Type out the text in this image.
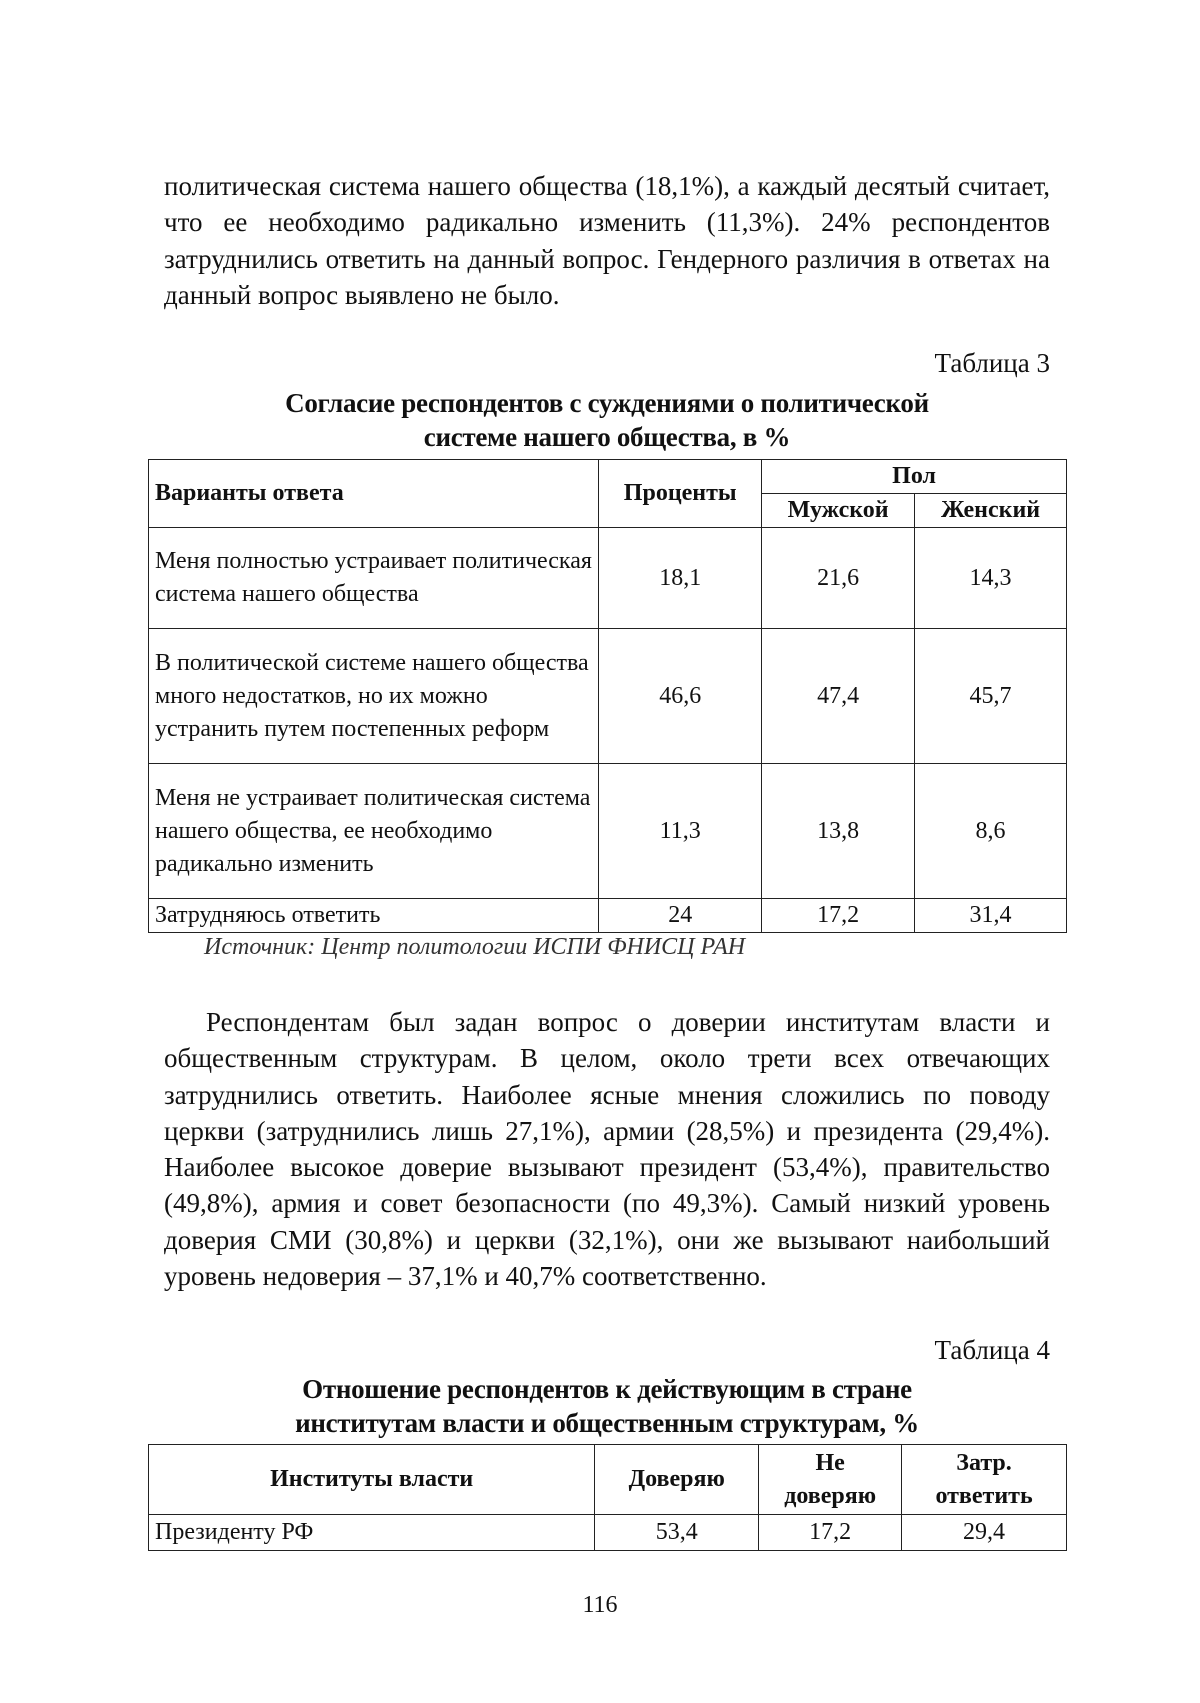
политическая система нашего общества (18,1%), а каждый десятый считает, что ее необходимо радикально изменить (11,3%). 24% респондентов затруднились ответить на данный вопрос. Гендерного различия в ответах на данный вопрос выявлено не было.
Таблица 3
Согласие респондентов с суждениями о политической
системе нашего общества, в %
Варианты ответа	Проценты	Пол
Мужской	Женский
Меня полностью устраивает политическая система нашего общества	18,1	21,6	14,3
В политической системе нашего общества много недостатков, но их можно устранить путем постепенных реформ	46,6	47,4	45,7
Меня не устраивает политическая система нашего общества, ее необходимо радикально изменить	11,3	13,8	8,6
Затрудняюсь ответить	24	17,2	31,4
Источник: Центр политологии ИСПИ ФНИСЦ РАН
Респондентам был задан вопрос о доверии институтам власти и общественным структурам. В целом, около трети всех отвечающих затруднились ответить. Наиболее ясные мнения сложились по поводу церкви (затруднились лишь 27,1%), армии (28,5%) и президента (29,4%). Наиболее высокое доверие вызывают президент (53,4%), правительство (49,8%), армия и совет безопасности (по 49,3%). Самый низкий уровень доверия СМИ (30,8%) и церкви (32,1%), они же вызывают наибольший уровень недоверия – 37,1% и 40,7% соответственно.
Таблица 4
Отношение респондентов к действующим в стране
институтам власти и общественным структурам, %
Институты власти	Доверяю	
Не
доверяю

Затр.
ответить

Президенту РФ	53,4	17,2	29,4
116
